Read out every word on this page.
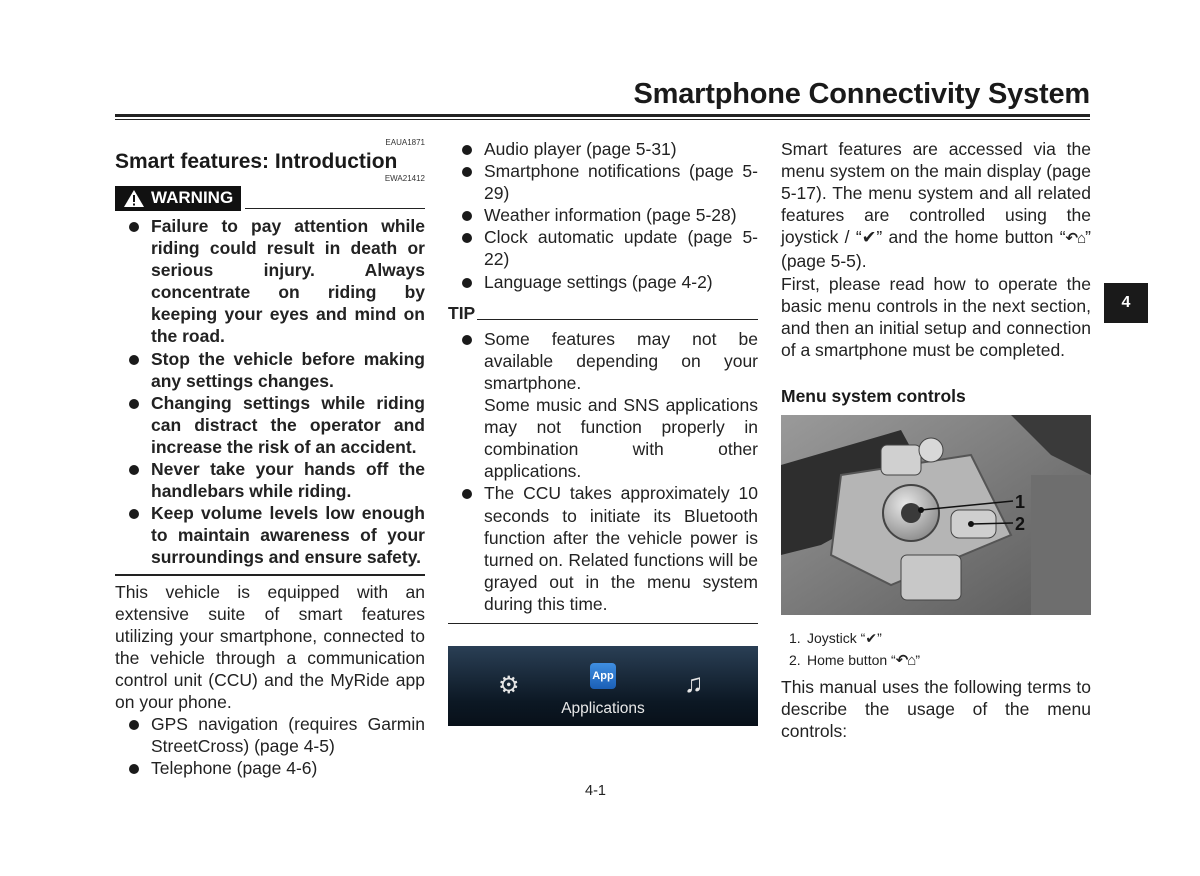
Smartphone Connectivity System
4
EAUA1871
Smart features: Introduction
EWA21412
WARNING
Failure to pay attention while riding could result in death or serious injury. Always concentrate on riding by keeping your eyes and mind on the road.
Stop the vehicle before making any settings changes.
Changing settings while riding can distract the operator and increase the risk of an accident.
Never take your hands off the handlebars while riding.
Keep volume levels low enough to maintain awareness of your surroundings and ensure safety.

This vehicle is equipped with an extensive suite of smart features utilizing your smartphone, connected to the vehicle through a communication control unit (CCU) and the MyRide app on your phone.

GPS navigation (requires Garmin StreetCross) (page 4-5)
Telephone (page 4-6)
Audio player (page 5-31)
Smartphone notifications (page 5-29)
Weather information (page 5-28)
Clock automatic update (page 5-22)
Language settings (page 4-2)
TIP
Some features may not be available depending on your smartphone.
Some music and SNS applications may not function properly in combination with other applications.
The CCU takes approximately 10 seconds to initiate its Bluetooth function after the vehicle power is turned on. Related functions will be grayed out in the menu system during this time.
⚙	App
Applications
♫

Smart features are accessed via the menu system on the main display (page 5-17). The menu system and all related features are controlled using the joystick / “✔” and the home button “↶⌂” (page 5-5).

First, please read how to operate the basic menu controls in the next section, and then an initial setup and connection of a smartphone must be completed.

Menu system controls
1
2
1. Joystick “✔”
2. Home button “↶⌂”

This manual uses the following terms to describe the usage of the menu controls:

4-1
